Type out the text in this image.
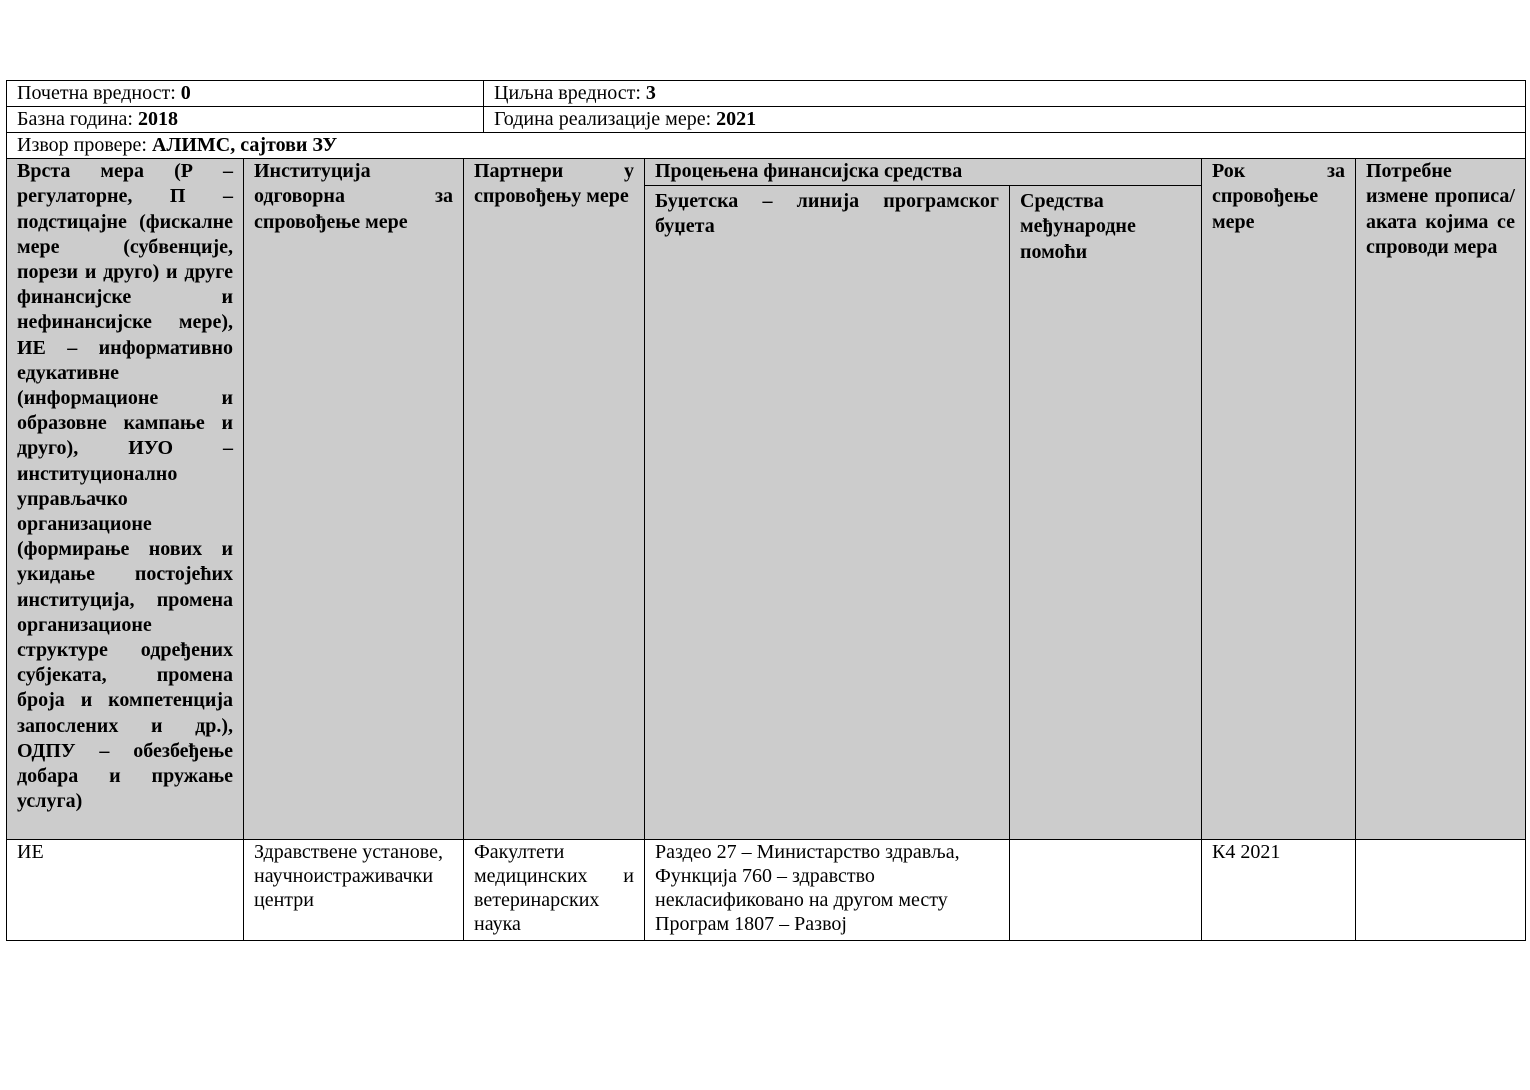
Почетна вредност: 0	Циљна вредност: 3
Базна година: 2018	Година реализације мере: 2021
Извор провере: АЛИМС, сајтови ЗУ	
Врста мера (Р – регулаторне, П – подстицајне (фискалне мере (субвенције, порези и друго) и друге финансијске и нефинансијске мере), ИЕ – информативно едукативне (информационе и образовне кампање и друго), ИУО – институционално управљачко организационе (формирање нових и укидање постојећих институција, промена организационе структуре одређених субјеката, промена броја и компетенција запослених и др.), ОДПУ – обезбеђење добара и пружање услуга)	Институција одговорна за спровођење мере	Партнери у спровођењу мере	Процењена финансијска средства		Рок за спровођење мере	Потребне измене прописа/аката којима се спроводи мера
			Буџетска – линија програмског буџета	Средства међународне помоћи		
ИЕ	Здравствене установе, научноистраживачки центри	Факултети медицинских и ветеринарских наука	Раздео 27 – Министарство здравља, Функција 760 – здравство некласификовано на другом месту Програм 1807 – Развој		К4 2021	
